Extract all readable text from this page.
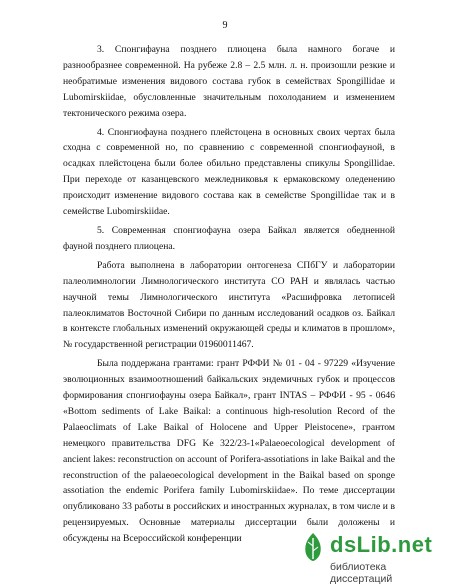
9

3. Спонгифауна позднего плиоцена была намного богаче и разнообразнее современной. На рубеже 2.8 – 2.5 млн. л. н. произошли резкие и необратимые изменения видового состава губок в семействах Spongillidae и Lubomirskiidae, обусловленные значительным похолоданием и изменением тектонического режима озера.

4. Спонгиофауна позднего плейстоцена в основных своих чертах была сходна с современной но, по сравнению с современной спонгиофауной, в осадках плейстоцена были более обильно представлены спикулы Spongillidae. При переходе от казанцевского межледниковья к ермаковскому оледенению происходит изменение видового состава как в семействе Spongillidae так и в семействе Lubomirskiidae.

5. Современная спонгиофауна озера Байкал является обедненной фауной позднего плиоцена.

Работа выполнена в лаборатории онтогенеза СПбГУ и лаборатории палеолимнологии Лимнологического института СО РАН и являлась частью научной темы Лимнологического института «Расшифровка летописей палеоклиматов Восточной Сибири по данным исследований осадков оз. Байкал в контексте глобальных изменений окружающей среды и климатов в прошлом», № государственной регистрации 01960011467.

Была поддержана грантами: грант РФФИ № 01 - 04 - 97229 «Изучение эволюционных взаимоотношений байкальских эндемичных губок и процессов формирования спонгиофауны озера Байкал», грант INTAS – РФФИ - 95 - 0646 «Bottom sediments of Lake Baikal: a continuous high-resolution Record of the Palaeoclimats of Lake Baikal of Holocene and Upper Pleistocene», грантом немецкого правительства DFG Ke 322/23-1«Palaeoecological development of ancient lakes: reconstruction on account of Porifera-assotiations in lake Baikal and the reconstruction of the palaeoecological development in the Baikal based on sponge assotiation the endemic Porifera family Lubomirskiidae». По теме диссертации опубликовано 33 работы в российских и иностранных журналах, в том числе и в рецензируемых. Основные материалы диссертации были доложены и обсуждены на Всероссийской конференции	dsLib.net
библиотека диссертаций
